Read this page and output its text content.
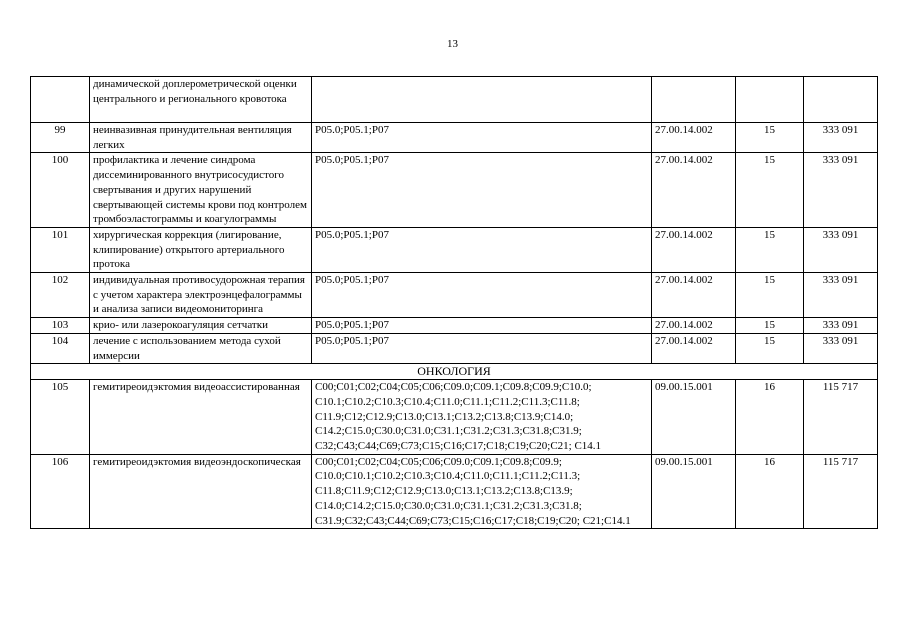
13
	динамической доплерометрической оценки центрального и регионального кровотока				
99	неинвазивная принудительная вентиляция легких	P05.0;P05.1;P07	27.00.14.002	15	333 091
100	профилактика и лечение синдрома диссеминированного внутрисосудистого свертывания и других нарушений свертывающей системы крови под контролем тромбоэластограммы и коагулограммы	P05.0;P05.1;P07	27.00.14.002	15	333 091
101	хирургическая коррекция (лигирование, клипирование) открытого артериального протока	P05.0;P05.1;P07	27.00.14.002	15	333 091
102	индивидуальная противосудорожная терапия с учетом характера электроэнцефалограммы и анализа записи видеомониторинга	P05.0;P05.1;P07	27.00.14.002	15	333 091
103	крио- или лазерокоагуляция сетчатки	P05.0;P05.1;P07	27.00.14.002	15	333 091
104	лечение с использованием метода сухой иммерсии	P05.0;P05.1;P07	27.00.14.002	15	333 091
ОНКОЛОГИЯ					
105	гемитиреоидэктомия видеоассистированная	C00;C01;C02;C04;C05;C06;C09.0;C09.1;C09.8;C09.9;C10.0; C10.1;C10.2;C10.3;C10.4;C11.0;C11.1;C11.2;C11.3;C11.8; C11.9;C12;C12.9;C13.0;C13.1;C13.2;C13.8;C13.9;C14.0; C14.2;C15.0;C30.0;C31.0;C31.1;C31.2;C31.3;C31.8;C31.9; C32;C43;C44;C69;C73;C15;C16;C17;C18;C19;C20;C21; C14.1	09.00.15.001	16	115 717
106	гемитиреоидэктомия видеоэндоскопическая	C00;C01;C02;C04;C05;C06;C09.0;C09.1;C09.8;C09.9; C10.0;C10.1;C10.2;C10.3;C10.4;C11.0;C11.1;C11.2;C11.3; C11.8;C11.9;C12;C12.9;C13.0;C13.1;C13.2;C13.8;C13.9; C14.0;C14.2;C15.0;C30.0;C31.0;C31.1;C31.2;C31.3;C31.8; C31.9;C32;C43;C44;C69;C73;C15;C16;C17;C18;C19;C20; C21;C14.1	09.00.15.001	16	115 717
